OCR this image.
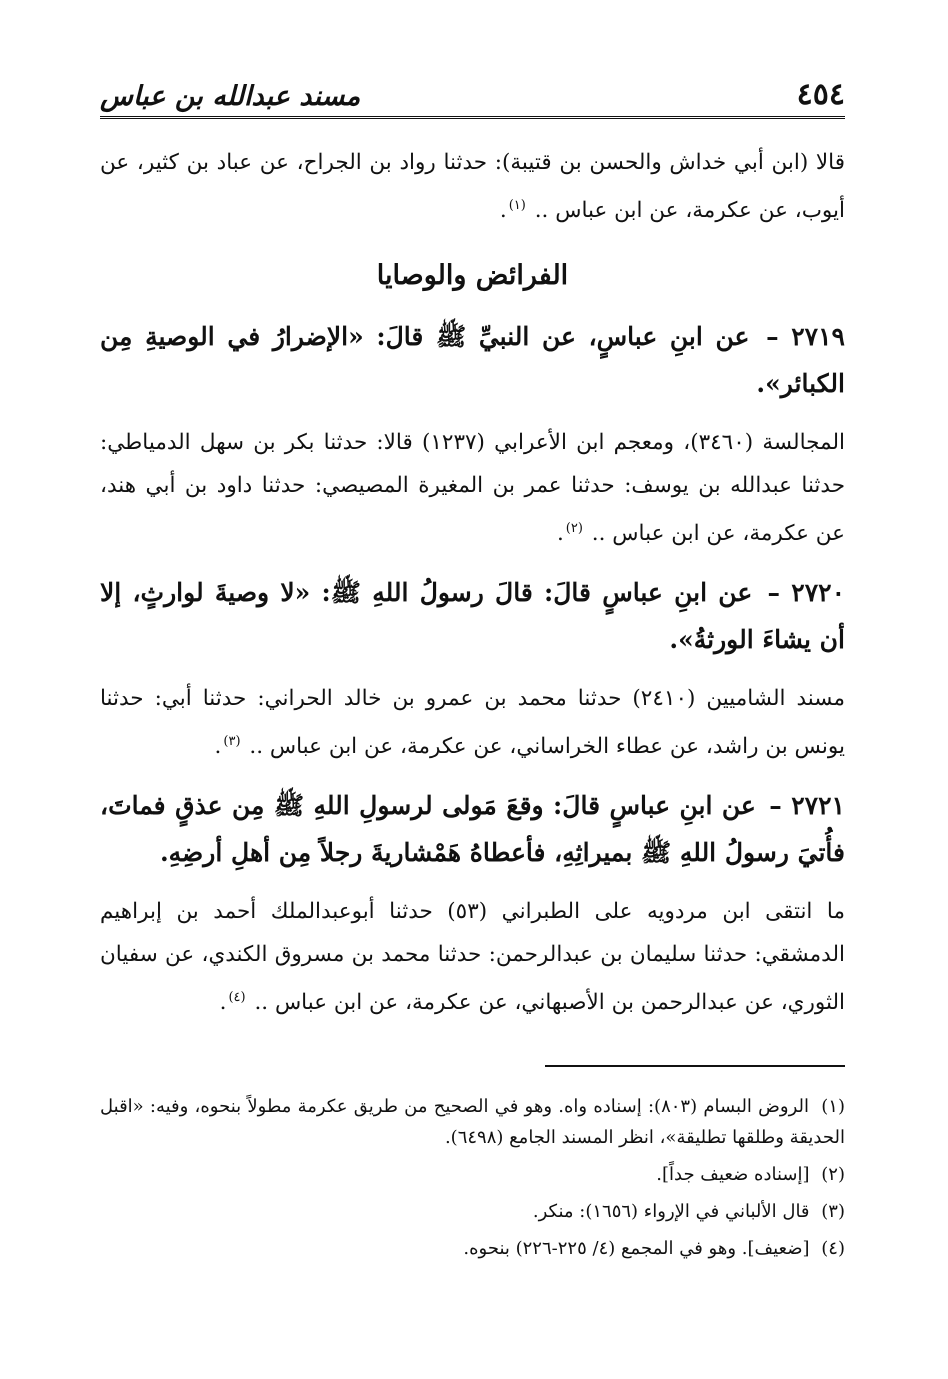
٤٥٤
مسند عبدالله بن عباس

قالا (ابن أبي خداش والحسن بن قتيبة): حدثنا رواد بن الجراح، عن عباد بن كثير، عن أيوب، عن عكرمة، عن ابن عباس .. $^{(١)}$.

الفرائض والوصايا

٢٧١٩ – عن ابنِ عباسٍ، عن النبيِّ ﷺ قالَ: «الإضرارُ في الوصيةِ مِن الكبائر».

المجالسة (٣٤٦٠)، ومعجم ابن الأعرابي (١٢٣٧) قالا: حدثنا بكر بن سهل الدمياطي: حدثنا عبدالله بن يوسف: حدثنا عمر بن المغيرة المصيصي: حدثنا داود بن أبي هند، عن عكرمة، عن ابن عباس .. $^{(٢)}$.

٢٧٢٠ – عن ابنِ عباسٍ قالَ: قالَ رسولُ اللهِ ﷺ: «لا وصيةَ لوارثٍ، إلا أن يشاءَ الورثةُ».

مسند الشاميين (٢٤١٠) حدثنا محمد بن عمرو بن خالد الحراني: حدثنا أبي: حدثنا يونس بن راشد، عن عطاء الخراساني، عن عكرمة، عن ابن عباس .. $^{(٣)}$.

٢٧٢١ – عن ابنِ عباسٍ قالَ: وقعَ مَولى لرسولِ اللهِ ﷺ مِن عذقٍ فماتَ، فأُتيَ رسولُ اللهِ ﷺ بميراثِهِ، فأعطاهُ هَمْشاريةَ رجلاً مِن أهلِ أرضِهِ.

ما انتقى ابن مردويه على الطبراني (٥٣) حدثنا أبوعبدالملك أحمد بن إبراهيم الدمشقي: حدثنا سليمان بن عبدالرحمن: حدثنا محمد بن مسروق الكندي، عن سفيان الثوري، عن عبدالرحمن بن الأصبهاني، عن عكرمة، عن ابن عباس .. $^{(٤)}$.

(١) الروض البسام (٨٠٣): إسناده واه. وهو في الصحيح من طريق عكرمة مطولاً بنحوه، وفيه: «اقبل الحديقة وطلقها تطليقة»، انظر المسند الجامع (٦٤٩٨).

(٢) [إسناده ضعيف جداً].

(٣) قال الألباني في الإرواء (١٦٥٦): منكر.

(٤) [ضعيف]. وهو في المجمع (٤/ ٢٢٥-٢٢٦) بنحوه.
